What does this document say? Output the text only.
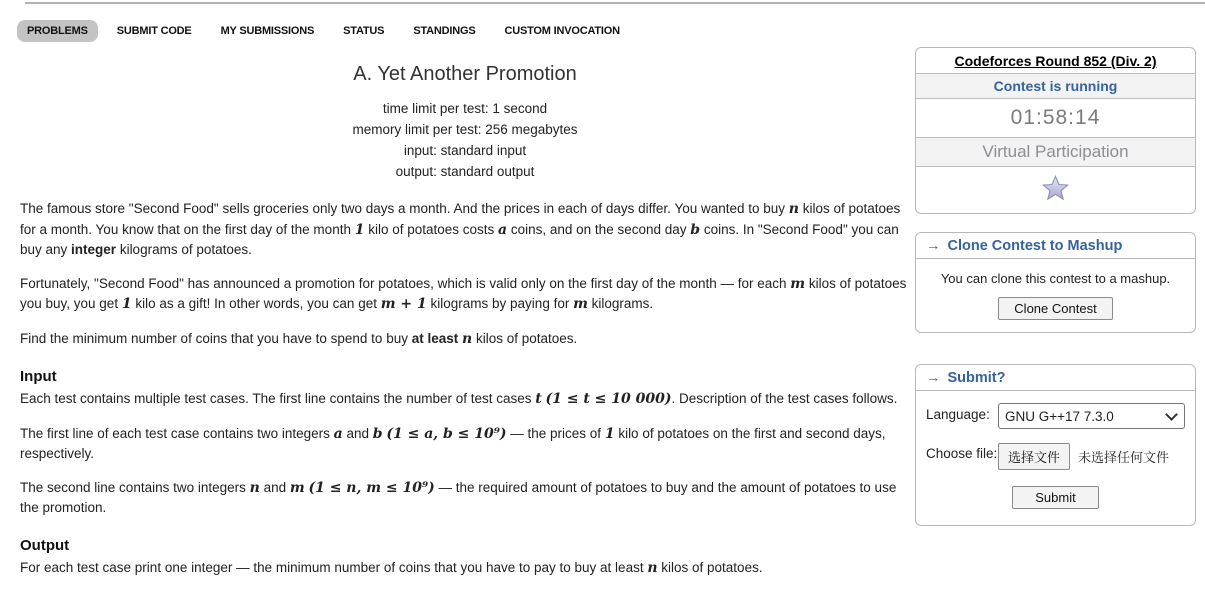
PROBLEMS	SUBMIT CODE	MY SUBMISSIONS	STATUS	STANDINGS	CUSTOM INVOCATION
A. Yet Another Promotion
time limit per test: 1 second
memory limit per test: 256 megabytes
input: standard input
output: standard output

The famous store "Second Food" sells groceries only two days a month. And the prices in each of days differ. You wanted to buy n kilos of potatoes for a month. You know that on the first day of the month 1 kilo of potatoes costs a coins, and on the second day b coins. In "Second Food" you can buy any integer kilograms of potatoes.

Fortunately, "Second Food" has announced a promotion for potatoes, which is valid only on the first day of the month — for each m kilos of potatoes you buy, you get 1 kilo as a gift! In other words, you can get m + 1 kilograms by paying for m kilograms.

Find the minimum number of coins that you have to spend to buy at least n kilos of potatoes.

Input

Each test contains multiple test cases. The first line contains the number of test cases t (1 ≤ t ≤ 10 000). Description of the test cases follows.

The first line of each test case contains two integers a and b (1 ≤ a, b ≤ 10⁹) — the prices of 1 kilo of potatoes on the first and second days, respectively.

The second line contains two integers n and m (1 ≤ n, m ≤ 10⁹) — the required amount of potatoes to buy and the amount of potatoes to use the promotion.

Output

For each test case print one integer — the minimum number of coins that you have to pay to buy at least n kilos of potatoes.

Codeforces Round 852 (Div. 2)
Contest is running
01:58:14
Virtual Participation
→ Clone Contest to Mashup

You can clone this contest to a mashup.

Clone Contest
→ Submit?
Language:	GNU G++17 7.3.0
Choose file: 选择文件	未选择任何文件
Submit
